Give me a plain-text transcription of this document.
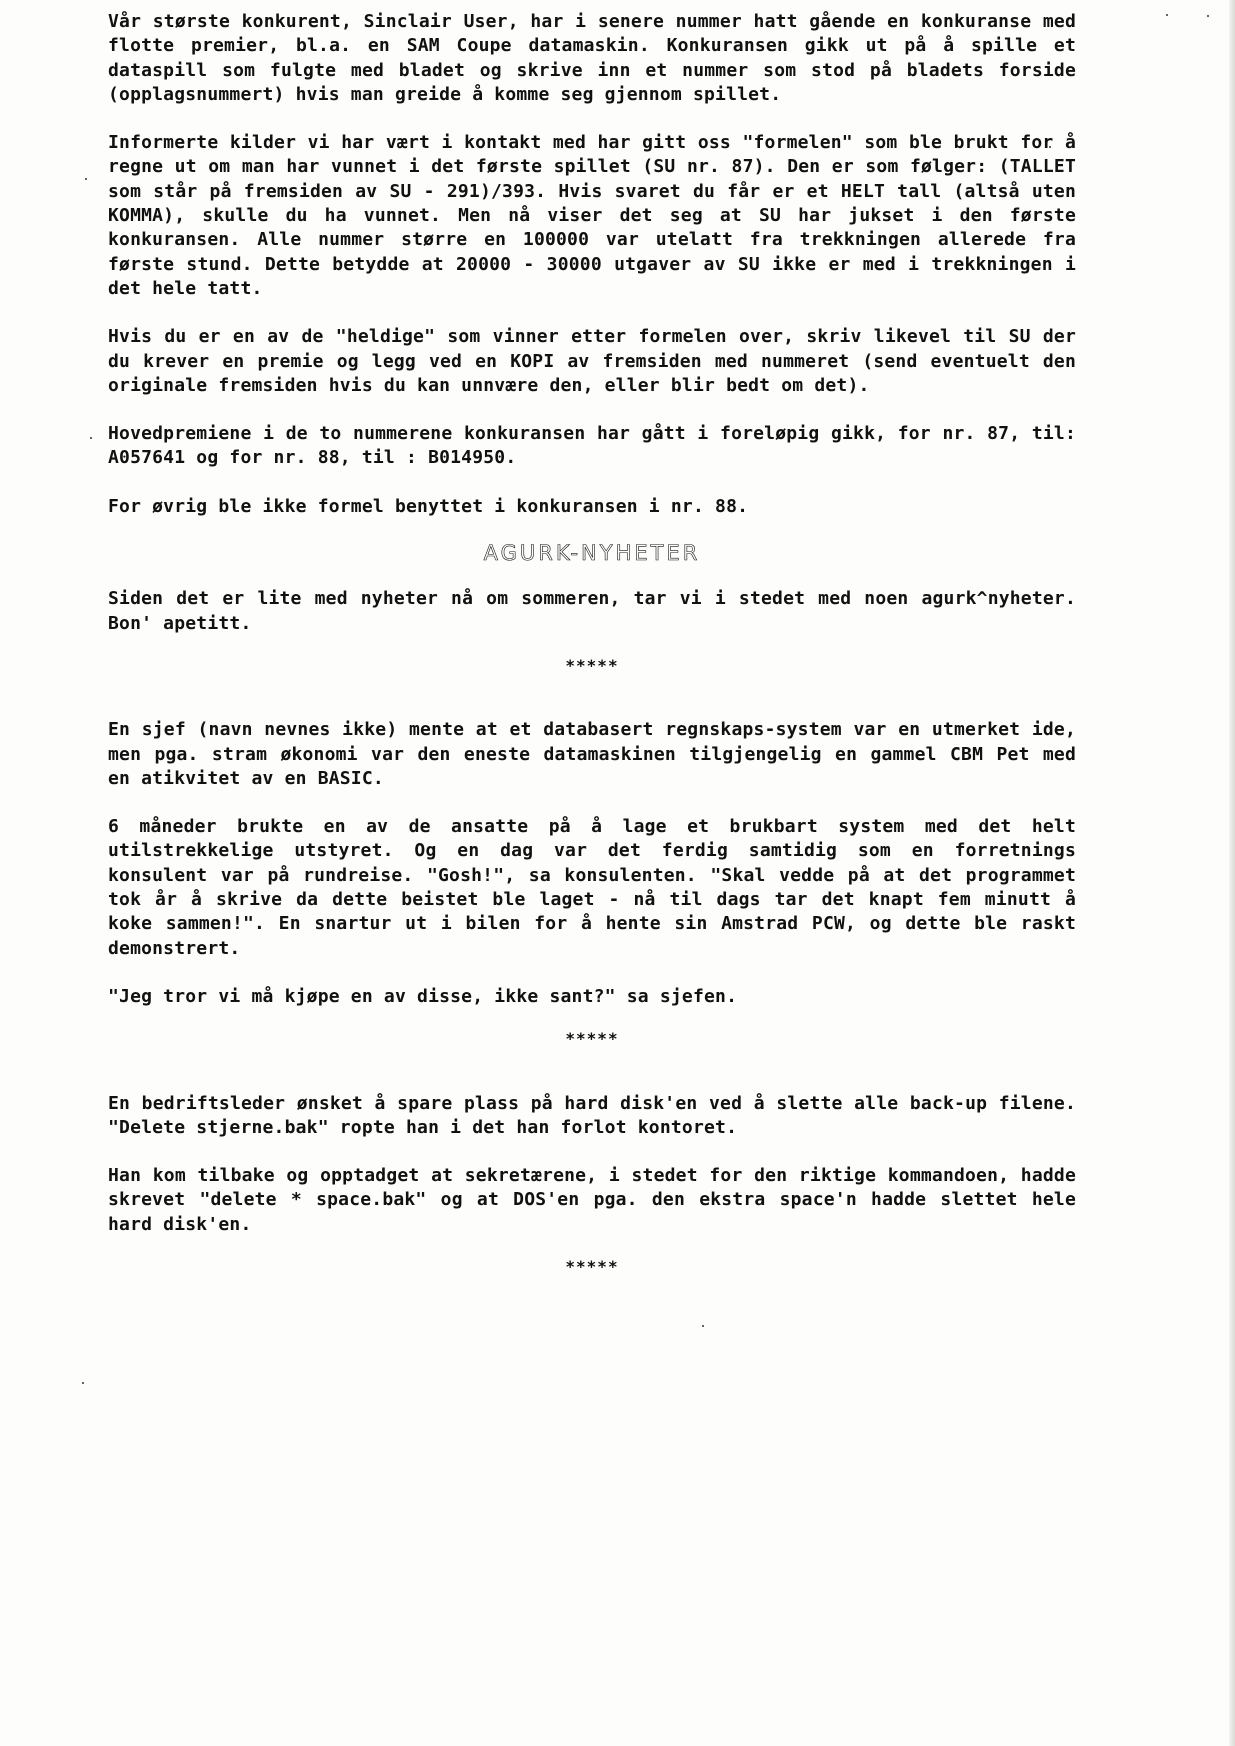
Vår største konkurent, Sinclair User, har i senere nummer hatt gående en konkuranse med flotte premier, bl.a. en SAM Coupe datamaskin. Konkuransen gikk ut på å spille et dataspill som fulgte med bladet og skrive inn et nummer som stod på bladets forside (opplagsnummert) hvis man greide å komme seg gjennom spillet.

Informerte kilder vi har vært i kontakt med har gitt oss "formelen" som ble brukt for å regne ut om man har vunnet i det første spillet (SU nr. 87). Den er som følger: (TALLET som står på fremsiden av SU - 291)/393. Hvis svaret du får er et HELT tall (altså uten KOMMA), skulle du ha vunnet. Men nå viser det seg at SU har jukset i den første konkuransen. Alle nummer større en 100000 var utelatt fra trekkningen allerede fra første stund. Dette betydde at 20000 - 30000 utgaver av SU ikke er med i trekkningen i det hele tatt.

Hvis du er en av de "heldige" som vinner etter formelen over, skriv likevel til SU der du krever en premie og legg ved en KOPI av fremsiden med nummeret (send eventuelt den originale fremsiden hvis du kan unnvære den, eller blir bedt om det).

Hovedpremiene i de to nummerene konkuransen har gått i foreløpig gikk, for nr. 87, til: A057641 og for nr. 88, til : B014950.

For øvrig ble ikke formel benyttet i konkuransen i nr. 88.

AGURK-NYHETER

Siden det er lite med nyheter nå om sommeren, tar vi i stedet med noen agurk^nyheter. Bon' apetitt.

*****

En sjef (navn nevnes ikke) mente at et databasert regnskaps-system var en utmerket ide, men pga. stram økonomi var den eneste datamaskinen tilgjengelig en gammel CBM Pet med en atikvitet av en BASIC.

6 måneder brukte en av de ansatte på å lage et brukbart system med det helt utilstrekkelige utstyret. Og en dag var det ferdig samtidig som en forretnings konsulent var på rundreise. "Gosh!", sa konsulenten. "Skal vedde på at det programmet tok år å skrive da dette beistet ble laget - nå til dags tar det knapt fem minutt å koke sammen!". En snartur ut i bilen for å hente sin Amstrad PCW, og dette ble raskt demonstrert.

"Jeg tror vi må kjøpe en av disse, ikke sant?" sa sjefen.

*****

En bedriftsleder ønsket å spare plass på hard disk'en ved å slette alle back-up filene. "Delete stjerne.bak" ropte han i det han forlot kontoret.

Han kom tilbake og opptadget at sekretærene, i stedet for den riktige kommandoen, hadde skrevet "delete * space.bak" og at DOS'en pga. den ekstra space'n hadde slettet hele hard disk'en.

*****
